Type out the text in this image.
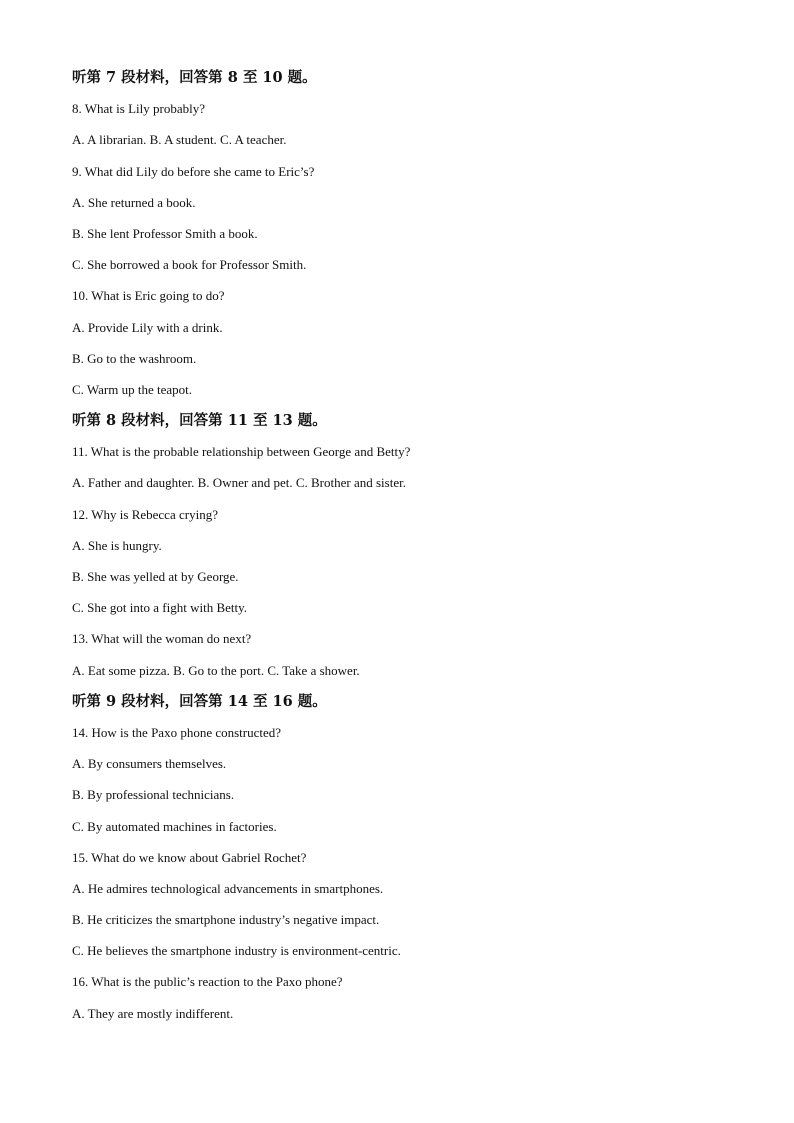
听第 7 段材料，回答第 8 至 10 题。
8. What is Lily probably?
A. A librarian. B. A student. C. A teacher.
9. What did Lily do before she came to Eric’s?
A. She returned a book.
B. She lent Professor Smith a book.
C. She borrowed a book for Professor Smith.
10. What is Eric going to do?
A. Provide Lily with a drink.
B. Go to the washroom.
C. Warm up the teapot.
听第 8 段材料，回答第 11 至 13 题。
11. What is the probable relationship between George and Betty?
A. Father and daughter. B. Owner and pet. C. Brother and sister.
12. Why is Rebecca crying?
A. She is hungry.
B. She was yelled at by George.
C. She got into a fight with Betty.
13. What will the woman do next?
A. Eat some pizza. B. Go to the port. C. Take a shower.
听第 9 段材料，回答第 14 至 16 题。
14. How is the Paxo phone constructed?
A. By consumers themselves.
B. By professional technicians.
C. By automated machines in factories.
15. What do we know about Gabriel Rochet?
A. He admires technological advancements in smartphones.
B. He criticizes the smartphone industry’s negative impact.
C. He believes the smartphone industry is environment-centric.
16. What is the public’s reaction to the Paxo phone?
A. They are mostly indifferent.
